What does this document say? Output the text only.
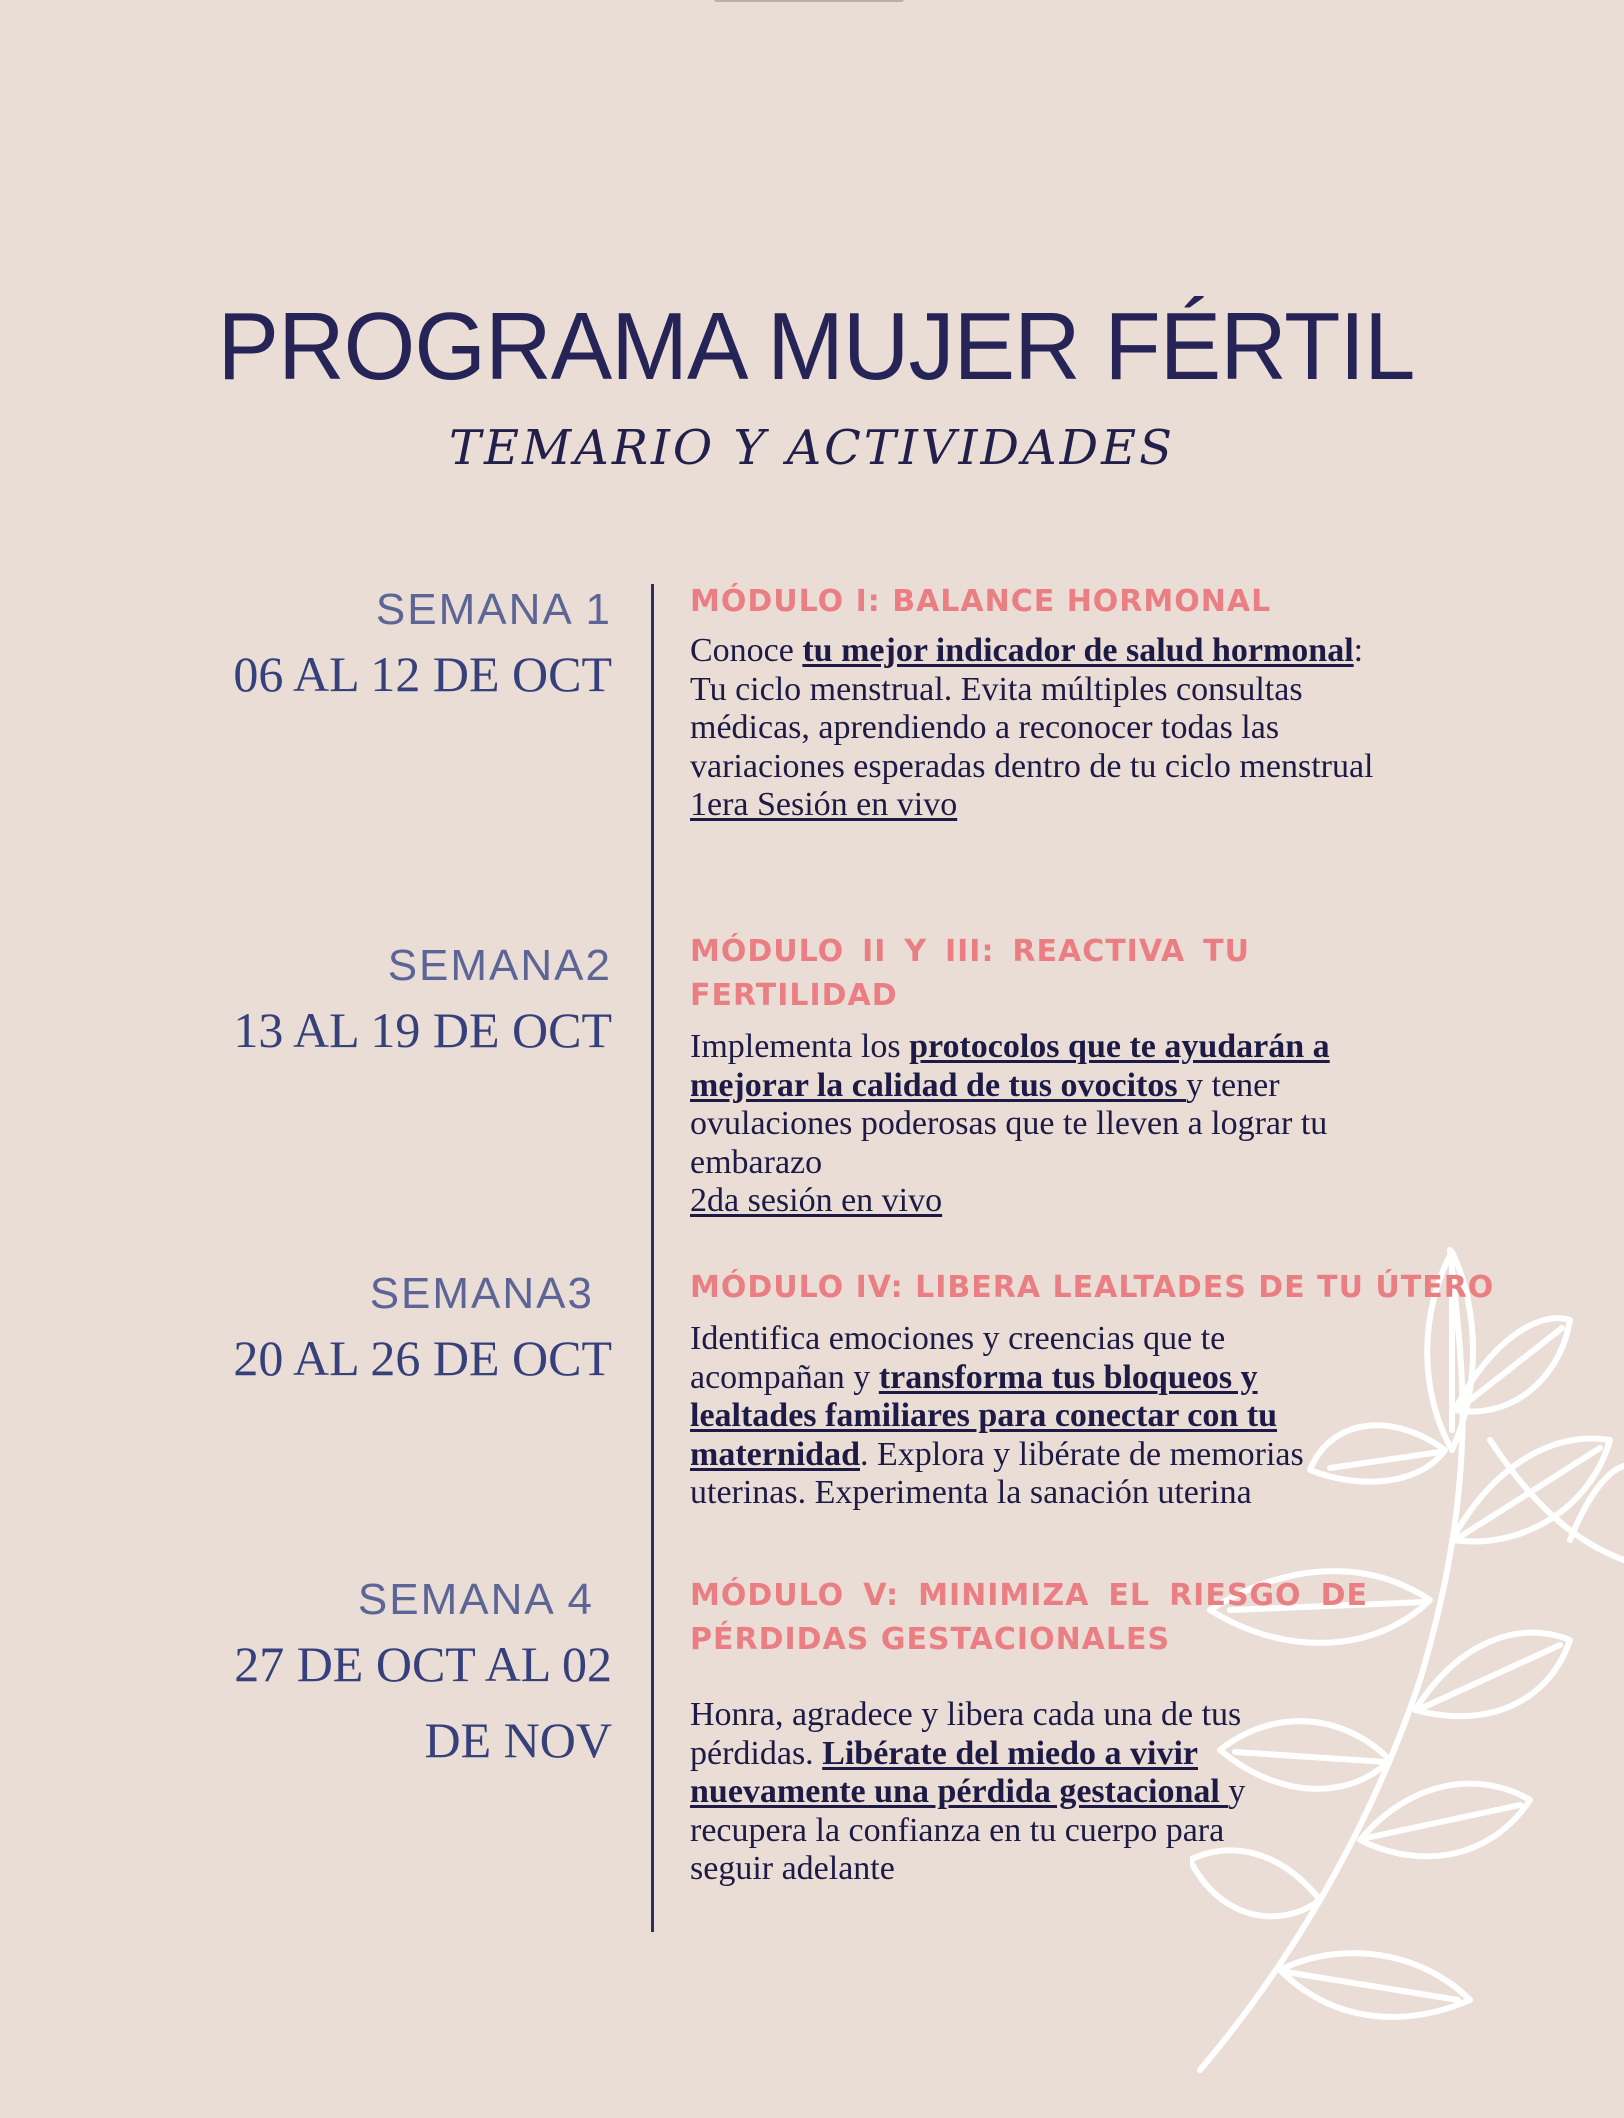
PROGRAMA MUJER FÉRTIL
TEMARIO Y ACTIVIDADES
SEMANA 1
06 AL 12 DE OCT
MÓDULO I: BALANCE HORMONAL
Conoce tu mejor indicador de salud hormonal: Tu ciclo menstrual. Evita múltiples consultas médicas, aprendiendo a reconocer todas las variaciones esperadas dentro de tu ciclo menstrual
1era Sesión en vivo
SEMANA2
13 AL 19 DE OCT
MÓDULO II Y III: REACTIVA TU FERTILIDAD
Implementa los protocolos que te ayudarán a mejorar la calidad de tus ovocitos y tener ovulaciones poderosas que te lleven a lograr tu embarazo
2da sesión en vivo
SEMANA3
20 AL 26 DE OCT
MÓDULO IV: LIBERA LEALTADES DE TU ÚTERO
Identifica emociones y creencias que te acompañan y transforma tus bloqueos y lealtades familiares para conectar con tu maternidad. Explora y libérate de memorias uterinas. Experimenta la sanación uterina
SEMANA 4
27 DE OCT AL 02
DE NOV
MÓDULO V: MINIMIZA EL RIESGO DE PÉRDIDAS GESTACIONALES
Honra, agradece y libera cada una de tus pérdidas. Libérate del miedo a vivir nuevamente una pérdida gestacional y recupera la confianza en tu cuerpo para seguir adelante
